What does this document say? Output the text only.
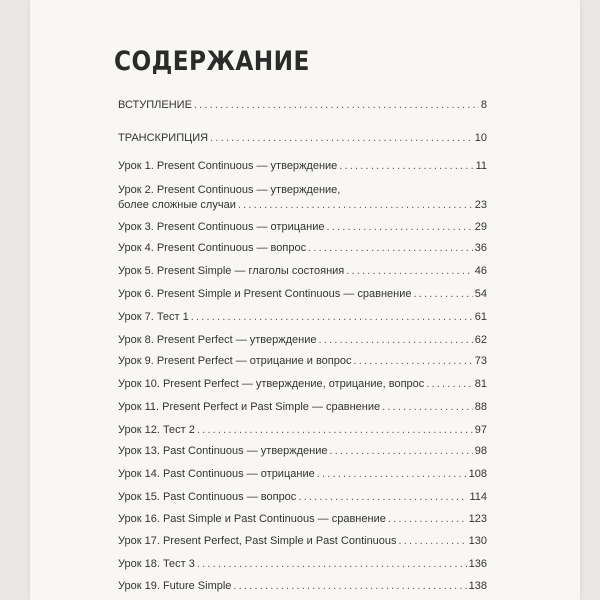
СОДЕРЖАНИЕ
ВСТУПЛЕНИЕ .....	8
ТРАНСКРИПЦИЯ .....	10
Урок 1. Present Continuous — утверждение .....	11
Урок 2. Present Continuous — утверждение,
более сложные случаи .....	23
Урок 3. Present Continuous — отрицание .....	29
Урок 4. Present Continuous — вопрос .....	36
Урок 5. Present Simple — глаголы состояния .....	46
Урок 6. Present Simple и Present Continuous — сравнение .....	54
Урок 7. Тест 1 .....	61
Урок 8. Present Perfect — утверждение .....	62
Урок 9. Present Perfect — отрицание и вопрос .....	73
Урок 10. Present Perfect — утверждение, отрицание, вопрос .....	81
Урок 11. Present Perfect и Past Simple — сравнение .....	88
Урок 12. Тест 2 .....	97
Урок 13. Past Continuous — утверждение .....	98
Урок 14. Past Continuous — отрицание .....	108
Урок 15. Past Continuous — вопрос .....	114
Урок 16. Past Simple и Past Continuous — сравнение .....	123
Урок 17. Present Perfect, Past Simple и Past Continuous .....	130
Урок 18. Тест 3 .....	136
Урок 19. Future Simple .....	138
